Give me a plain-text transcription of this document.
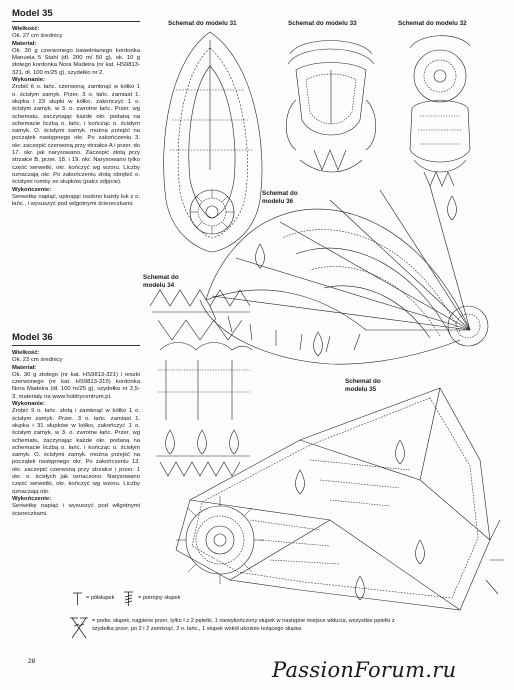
Model 35
Wielkość:
Ok. 27 cm średnicy
Materiał:
Ok. 30 g czerwonego bawełnianego kordonka Manuela 5 Stahl (dł. 200 m/ 50 g), ok. 10 g złotego kordonka Nora Madeira (nr kat. HS9813-321, dł. 100 m/25 g), szydełko nr 2.
Wykonanie:
Zrobić 6 o. łańc. czerwoną, zamknąć w kółko 1 o. ścisłym zamyk. Przer. 3 o. łańc. zamiast 1. słupka i 23 słupki w kółko, zakończyć 1 o. ścisłym zamyk. w 3. o. zwrotne łańc. Przer. wg schematu, zaczynając każde okr. podaną na schemacie liczbą o. łańc. i kończąc o. ścisłym zamyk. O. ścisłymi zamyk. można przejść na początek następnego okr. Po zakończeniu 3. okr. zaczepić czerwoną przy strzałce A i przer. do 17. okr. jak narysowano. Zaczepić złotą przy strzałce B, przer. 18. i 19. okr. Narysowano tylko część serwetki, okr. kończyć wg wzoru. Liczby oznaczają okr. Po zakończeniu złotą obrębić o. ścisłymi romby ze słupków (patrz zdjęcie).
Wykończenie:
Serwetkę napiąć, upinając osobno każdy łuk z o. łańc., i wysuszyć pod wilgotnymi ściereczkami.
Model 36
Wielkość:
Ok. 22 cm średnicy
Materiał:
Ok. 30 g złotego (nr kat. HS9813-321) i reszki czerwonego (nr kat. HS9813-315) kordonka Nora Madeira (dł. 100 m/25 g), szydełko nr 2,5-3, materiały na www.hobbycentrum.pl.
Wykonanie:
Zrobić 9 o. łańc. złotą i zamknąć w kółko 1 o. ścisłym zamyk. Przer. 3 o. łańc. zamiast 1. słupka i 31 słupków w kółko, zakończyć 1 o. ścisłym zamyk. w 3. o. zwrotne łańc. Przer. wg schematu, zaczynając każde okr. podaną na schemacie liczbą o. łańc. i kończąc o. ścisłym zamyk. O. ścisłymi zamyk. można przejść na początek następnego okr. Po zakończeniu 13. okr. zaczepić czerwoną przy strzałce i przer. 1 okr. o. ścisłych jak oznaczono. Narysowano część serwetki, okr. kończyć wg wzoru. Liczby oznaczają okr.
Wykończenie:
Serwetkę napiąć i wysuszyć pod wilgotnymi ściereczkami.
Schemat do modelu 31	Schemat do modelu 33	Schemat do modelu 32
Schemat do
modelu 36
Schemat do
modelu 34
Schemat do
modelu 35
= półsłupek	= potrójny słupek
= podw. słupek, najpierw przer. tylko I z 2 pętelki, 1 niewykończony słupek w następne miejsce wkłucia, wszystkie pętelki z szydełka przer. po 2 i 2 zamknąć, 2 o. łańc., 1 słupek wokół ukośnie leżącego słupka
28	PassionForum.ru
